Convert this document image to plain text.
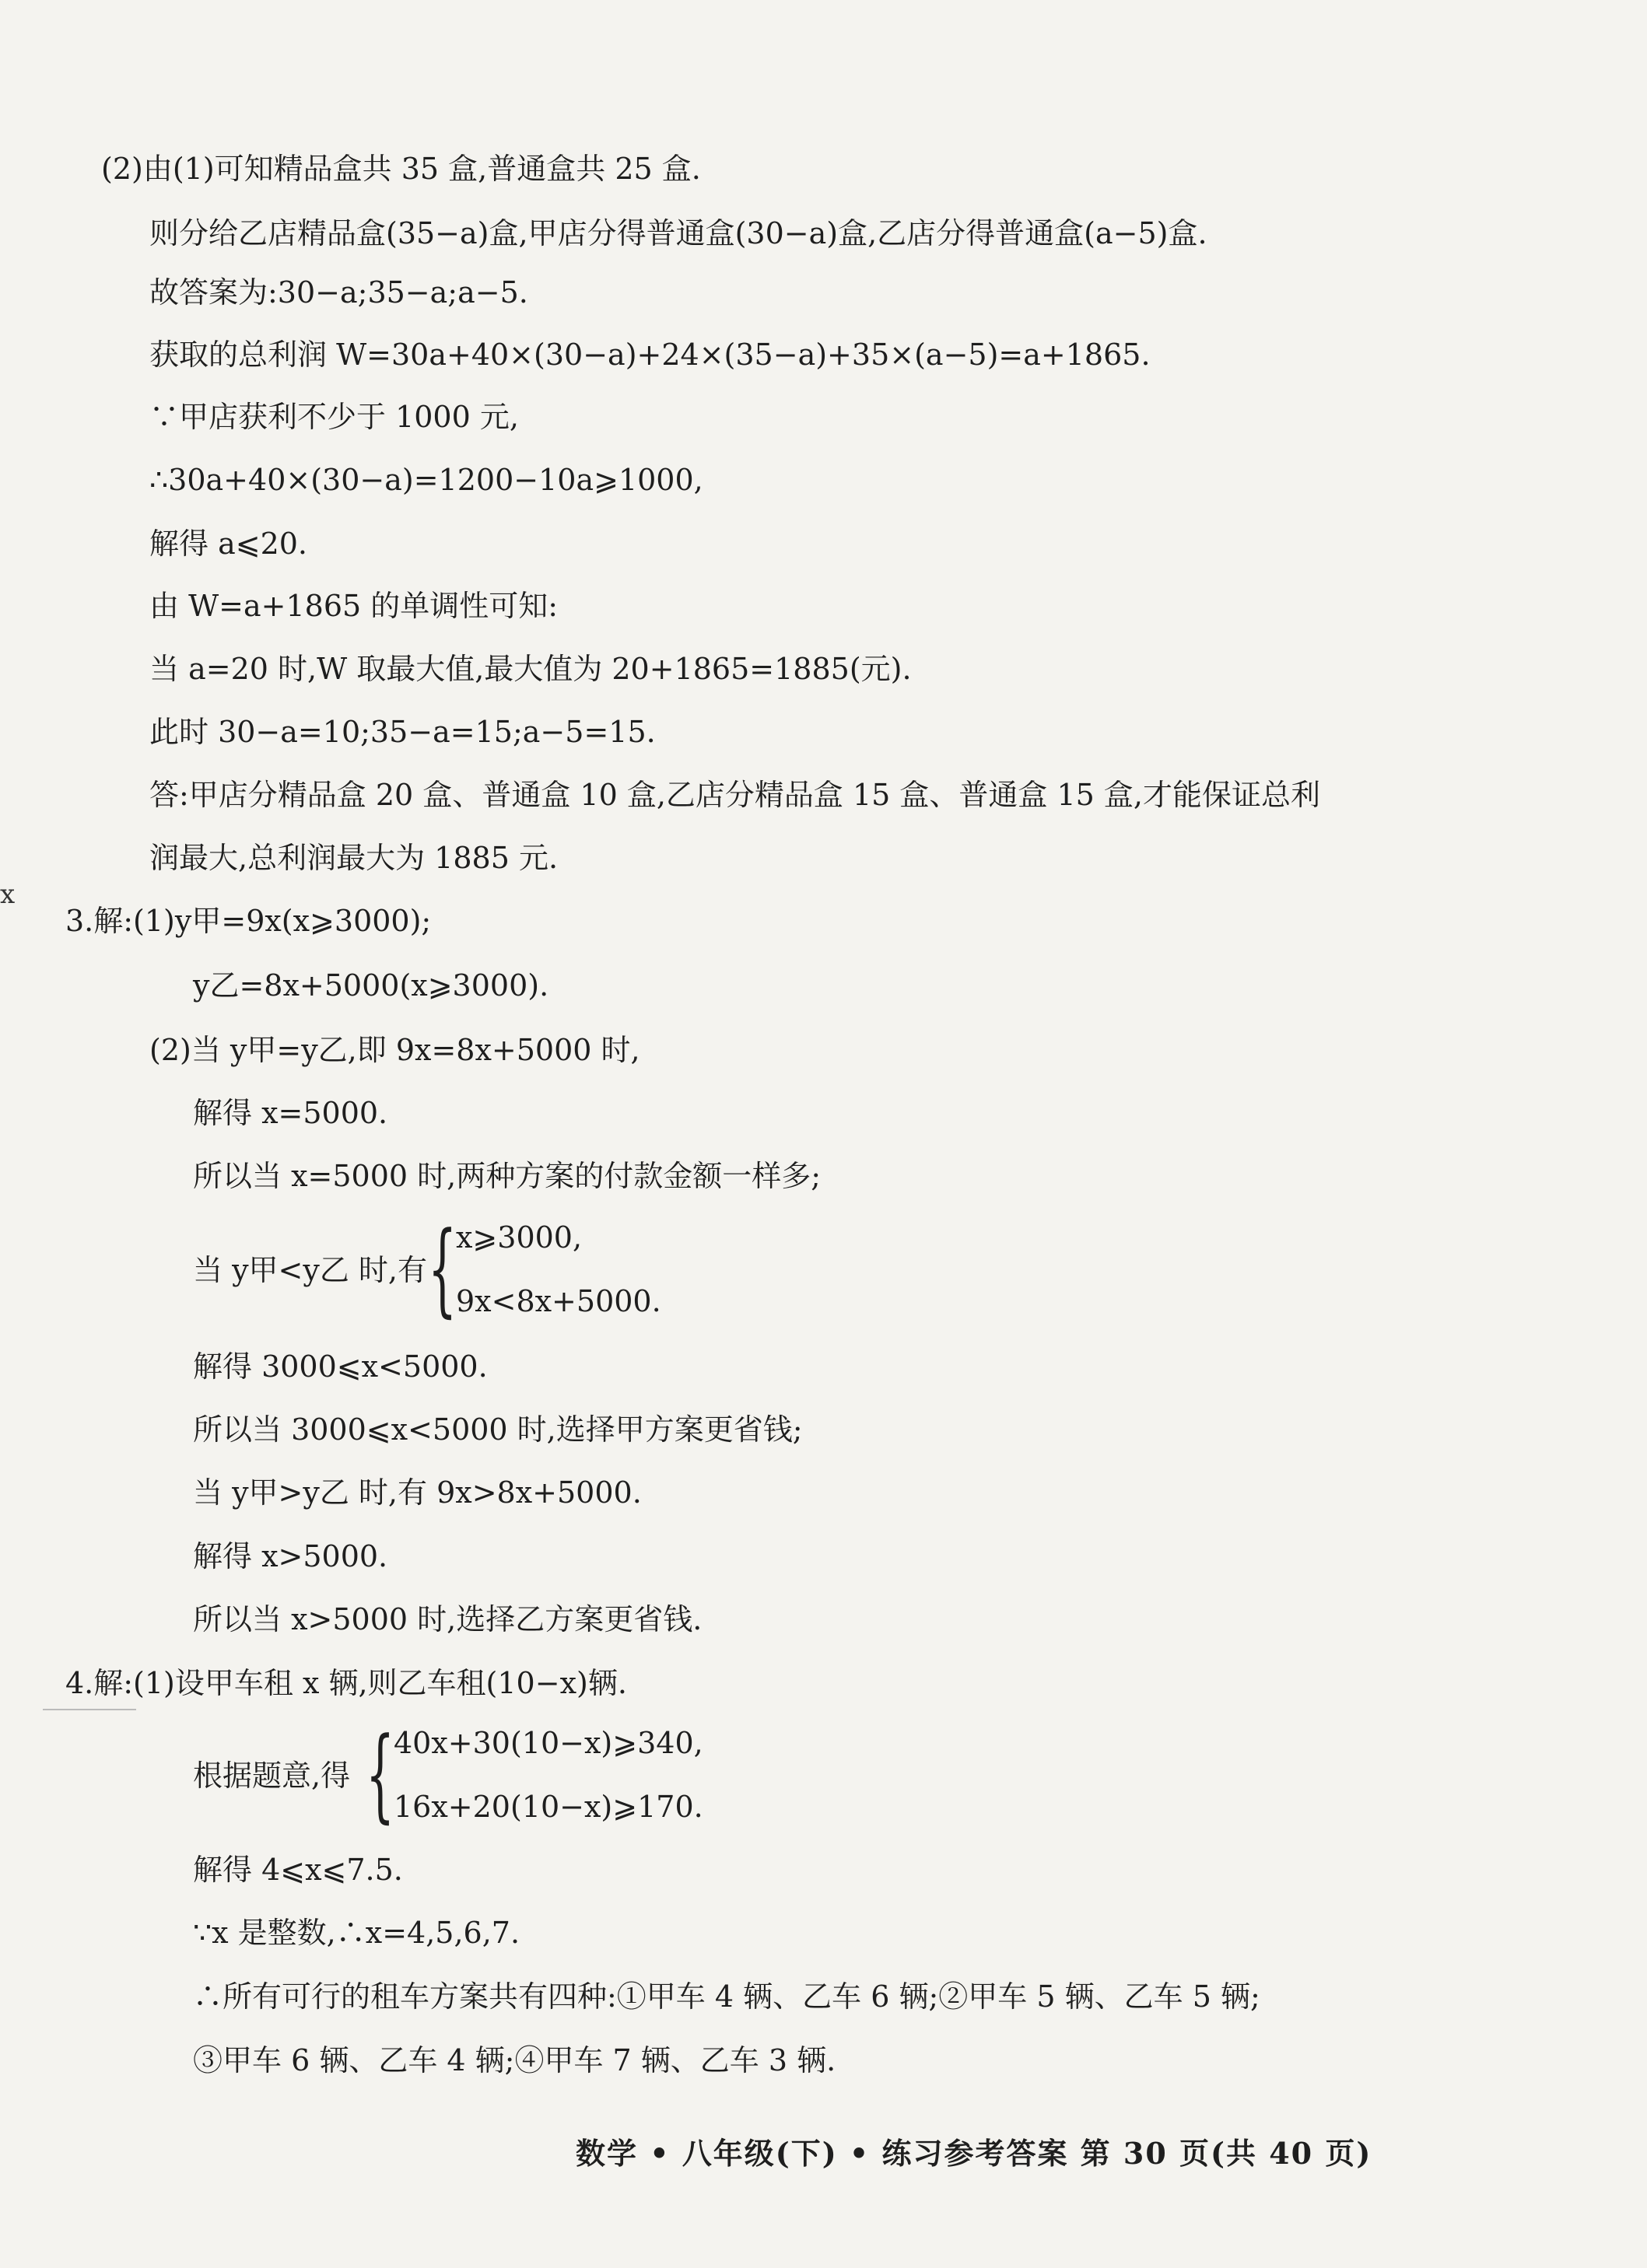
(2)由(1)可知精品盒共 35 盒,普通盒共 25 盒.
则分给乙店精品盒(35−a)盒,甲店分得普通盒(30−a)盒,乙店分得普通盒(a−5)盒.
故答案为:30−a;35−a;a−5.
获取的总利润 W=30a+40×(30−a)+24×(35−a)+35×(a−5)=a+1865.
∵甲店获利不少于 1000 元,
∴30a+40×(30−a)=1200−10a⩾1000,
解得 a⩽20.
由 W=a+1865 的单调性可知:
当 a=20 时,W 取最大值,最大值为 20+1865=1885(元).
此时 30−a=10;35−a=15;a−5=15.
答:甲店分精品盒 20 盒、普通盒 10 盒,乙店分精品盒 15 盒、普通盒 15 盒,才能保证总利
润最大,总利润最大为 1885 元.
x
3.解:(1)y甲=9x(x⩾3000);
y乙=8x+5000(x⩾3000).
(2)当 y甲=y乙,即 9x=8x+5000 时,
解得 x=5000.
所以当 x=5000 时,两种方案的付款金额一样多;
当 y甲<y乙 时,有 {
x⩾3000,
9x<8x+5000.
解得 3000⩽x<5000.
所以当 3000⩽x<5000 时,选择甲方案更省钱;
当 y甲>y乙 时,有 9x>8x+5000.
解得 x>5000.
所以当 x>5000 时,选择乙方案更省钱.
4.解:(1)设甲车租 x 辆,则乙车租(10−x)辆.
根据题意,得 {
40x+30(10−x)⩾340,
16x+20(10−x)⩾170.
解得 4⩽x⩽7.5.
∵x 是整数,∴x=4,5,6,7.
∴所有可行的租车方案共有四种:①甲车 4 辆、乙车 6 辆;②甲车 5 辆、乙车 5 辆;
③甲车 6 辆、乙车 4 辆;④甲车 7 辆、乙车 3 辆.
数学 • 八年级(下) • 练习参考答案 第 30 页(共 40 页)
